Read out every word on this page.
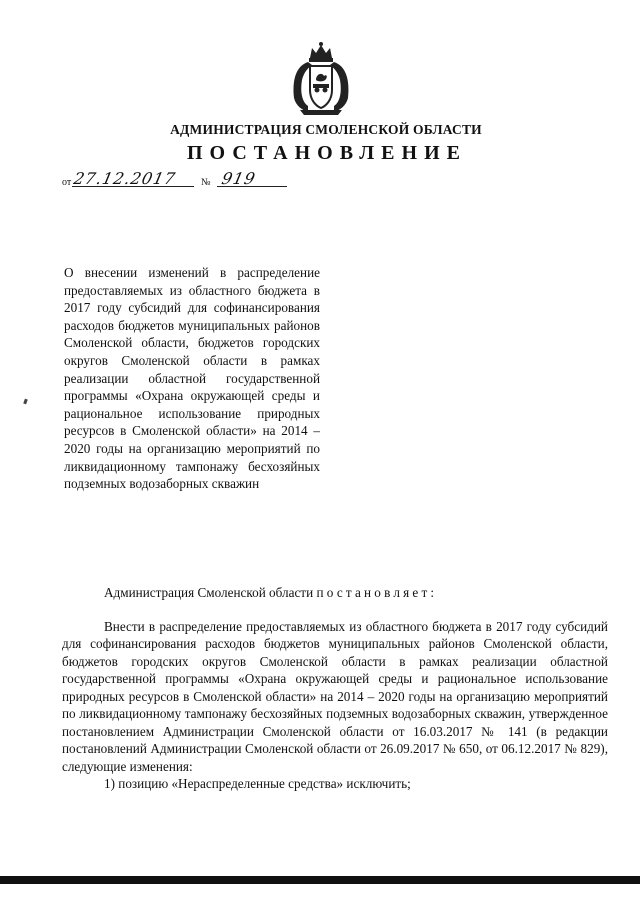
АДМИНИСТРАЦИЯ СМОЛЕНСКОЙ ОБЛАСТИ
ПОСТАНОВЛЕНИЕ
от 27.12.2017 № 919
О внесении изменений в распределение предоставляемых из областного бюджета в 2017 году субсидий для софинансирования расходов бюджетов муниципальных районов Смоленской области, бюджетов городских округов Смоленской области в рамках реализации областной государственной программы «Охрана окружающей среды и рациональное использование природных ресурсов в Смоленской области» на 2014 – 2020 годы на организацию мероприятий по ликвидационному тампонажу бесхозяйных подземных водозаборных скважин

Администрация Смоленской области постановляет:

Внести в распределение предоставляемых из областного бюджета в 2017 году субсидий для софинансирования расходов бюджетов муниципальных районов Смоленской области, бюджетов городских округов Смоленской области в рамках реализации областной государственной программы «Охрана окружающей среды и рациональное использование природных ресурсов в Смоленской области» на 2014 – 2020 годы на организацию мероприятий по ликвидационному тампонажу бесхозяйных подземных водозаборных скважин, утвержденное постановлением Администрации Смоленской области от 16.03.2017 № 141 (в редакции постановлений Администрации Смоленской области от 26.09.2017 № 650, от 06.12.2017 № 829), следующие изменения:

1) позицию «Нераспределенные средства» исключить;
